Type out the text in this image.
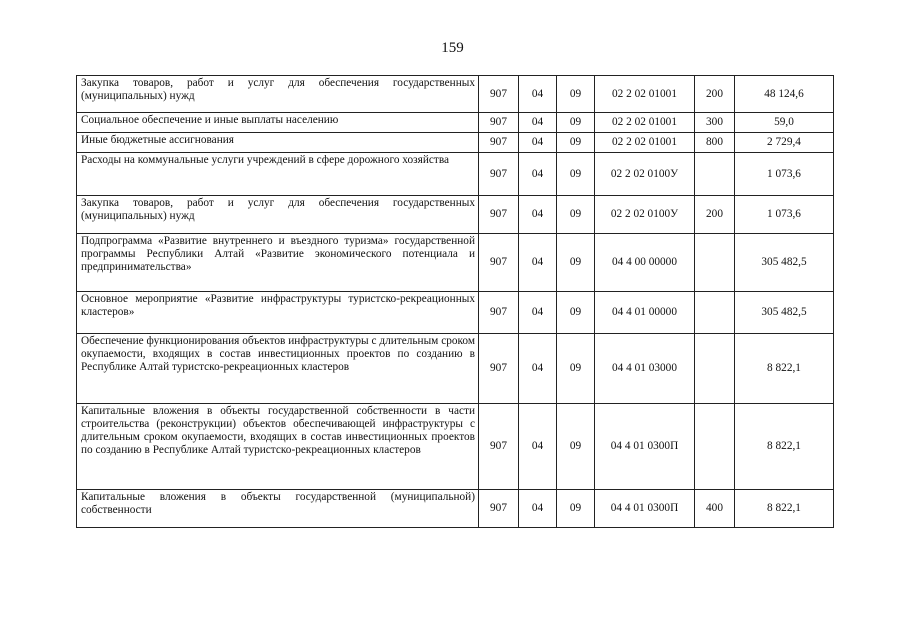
159
Закупка товаров, работ и услуг для обеспечения государственных (муниципальных) нужд	907	04	09	02 2 02 01001	200	48 124,6
Социальное обеспечение и иные выплаты населению	907	04	09	02 2 02 01001	300	59,0
Иные бюджетные ассигнования	907	04	09	02 2 02 01001	800	2 729,4
Расходы на коммунальные услуги учреждений в сфере дорожного хозяйства	907	04	09	02 2 02 0100У		1 073,6
Закупка товаров, работ и услуг для обеспечения государственных (муниципальных) нужд	907	04	09	02 2 02 0100У	200	1 073,6
Подпрограмма «Развитие внутреннего и въездного туризма» государственной программы Республики Алтай «Развитие экономического потенциала и предпринимательства»	907	04	09	04 4 00 00000		305 482,5
Основное мероприятие «Развитие инфраструктуры туристско-рекреационных кластеров»	907	04	09	04 4 01 00000		305 482,5
Обеспечение функционирования объектов инфраструктуры с длительным сроком окупаемости, входящих в состав инвестиционных проектов по созданию в Республике Алтай туристско-рекреационных кластеров	907	04	09	04 4 01 03000		8 822,1
Капитальные вложения в объекты государственной собственности в части строительства (реконструкции) объектов обеспечивающей инфраструктуры с длительным сроком окупаемости, входящих в состав инвестиционных проектов по созданию в Республике Алтай туристско-рекреационных кластеров	907	04	09	04 4 01 0300П		8 822,1
Капитальные вложения в объекты государственной (муниципальной) собственности	907	04	09	04 4 01 0300П	400	8 822,1
